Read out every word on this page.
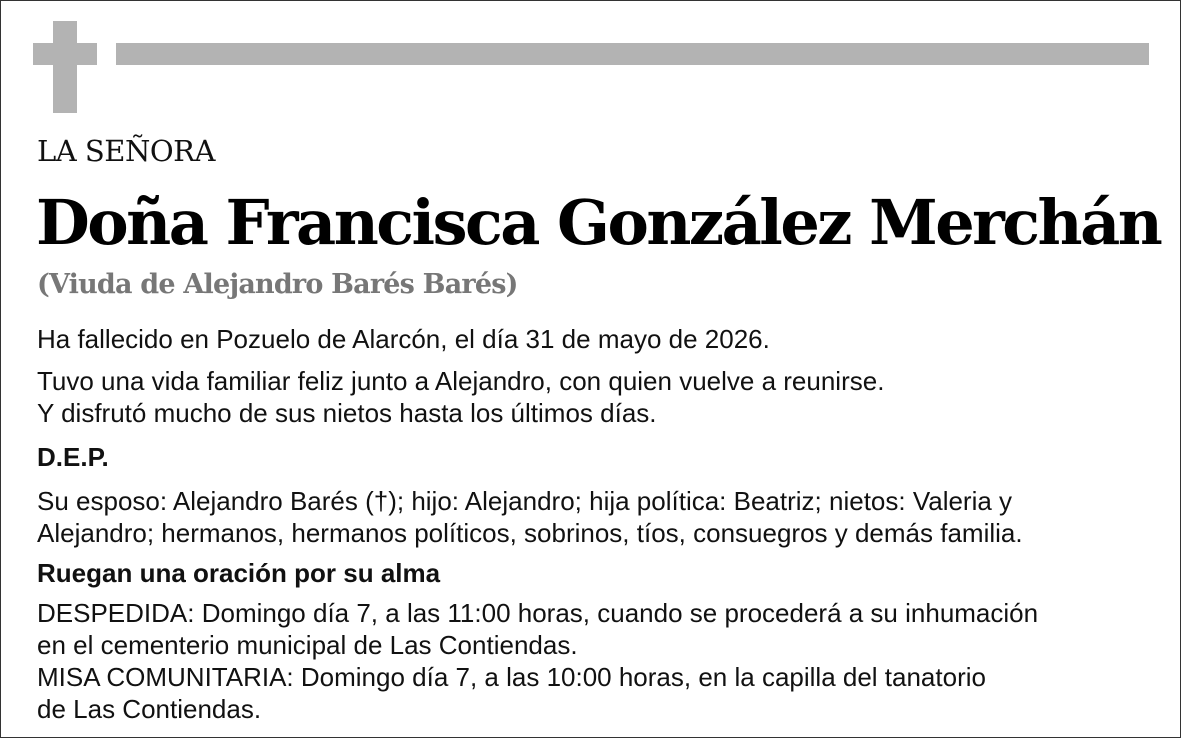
LA SEÑORA
Doña Francisca González Merchán
(Viuda de Alejandro Barés Barés)

Ha fallecido en Pozuelo de Alarcón, el día 31 de mayo de 2026.

Tuvo una vida familiar feliz junto a Alejandro, con quien vuelve a reunirse.

Y disfrutó mucho de sus nietos hasta los últimos días.

D.E.P.

Su esposo: Alejandro Barés (†); hijo: Alejandro; hija política: Beatriz; nietos: Valeria y

Alejandro; hermanos, hermanos políticos, sobrinos, tíos, consuegros y demás familia.

Ruegan una oración por su alma

DESPEDIDA: Domingo día 7, a las 11:00 horas, cuando se procederá a su inhumación

en el cementerio municipal de Las Contiendas.

MISA COMUNITARIA: Domingo día 7, a las 10:00 horas, en la capilla del tanatorio

de Las Contiendas.
